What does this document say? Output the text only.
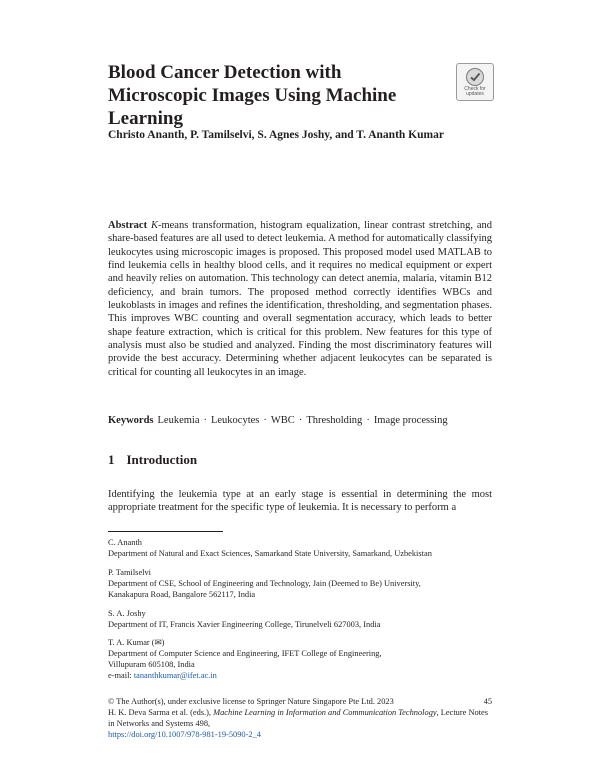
Blood Cancer Detection with Microscopic Images Using Machine Learning
Check for
updates
Christo Ananth, P. Tamilselvi, S. Agnes Joshy, and T. Ananth Kumar

Abstract K-means transformation, histogram equalization, linear contrast stretching, and share-based features are all used to detect leukemia. A method for automatically classifying leukocytes using microscopic images is proposed. This proposed model used MATLAB to find leukemia cells in healthy blood cells, and it requires no medical equipment or expert and heavily relies on automation. This technology can detect anemia, malaria, vitamin B12 deficiency, and brain tumors. The proposed method correctly identifies WBCs and leukoblasts in images and refines the identification, thresholding, and segmentation phases. This improves WBC counting and overall segmentation accuracy, which leads to better shape feature extraction, which is critical for this problem. New features for this type of analysis must also be studied and analyzed. Finding the most discriminatory features will provide the best accuracy. Determining whether adjacent leukocytes can be separated is critical for counting all leukocytes in an image.

Keywords Leukemia · Leukocytes · WBC · Thresholding · Image processing
1 Introduction

Identifying the leukemia type at an early stage is essential in determining the most appropriate treatment for the specific type of leukemia. It is necessary to perform a

C. Ananth

Department of Natural and Exact Sciences, Samarkand State University, Samarkand, Uzbekistan

P. Tamilselvi

Department of CSE, School of Engineering and Technology, Jain (Deemed to Be) University,

Kanakapura Road, Bangalore 562117, India

S. A. Joshy

Department of IT, Francis Xavier Engineering College, Tirunelveli 627003, India

T. A. Kumar (✉)

Department of Computer Science and Engineering, IFET College of Engineering,

Villupuram 605108, India

e-mail: tananthkumar@ifet.ac.in

© The Author(s), under exclusive license to Springer Nature Singapore Pte Ltd. 2023	45

H. K. Deva Sarma et al. (eds.), Machine Learning in Information and Communication Technology, Lecture Notes in Networks and Systems 498,

https://doi.org/10.1007/978-981-19-5090-2_4
